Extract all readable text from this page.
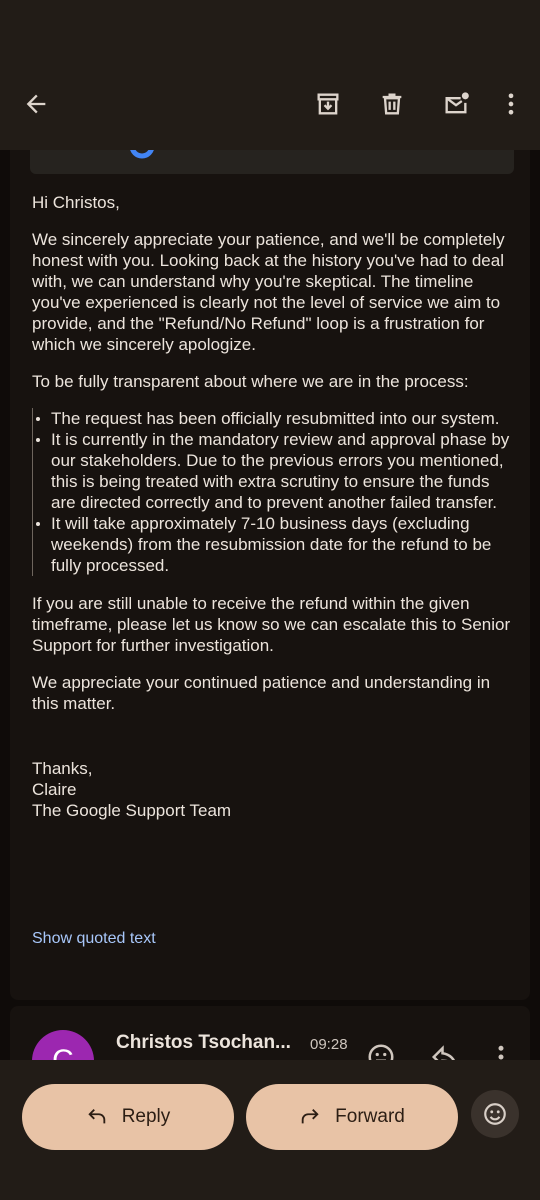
Hi Christos,

We sincerely appreciate your patience, and we'll be completely honest with you. Looking back at the history you've had to deal with, we can understand why you're skeptical. The timeline you've experienced is clearly not the level of service we aim to provide, and the "Refund/No Refund" loop is a frustration for which we sincerely apologize.

To be fully transparent about where we are in the process:

The request has been officially resubmitted into our system.
It is currently in the mandatory review and approval phase by our stakeholders. Due to the previous errors you mentioned, this is being treated with extra scrutiny to ensure the funds are directed correctly and to prevent another failed transfer.
It will take approximately 7-10 business days (excluding weekends) from the resubmission date for the refund to be fully processed.

If you are still unable to receive the refund within the given timeframe, please let us know so we can escalate this to Senior Support for further investigation.

We appreciate your continued patience and understanding in this matter.

Thanks,
Claire
The Google Support Team
Show quoted text
Christos Tsochan... 09:28
Reply	Forward
